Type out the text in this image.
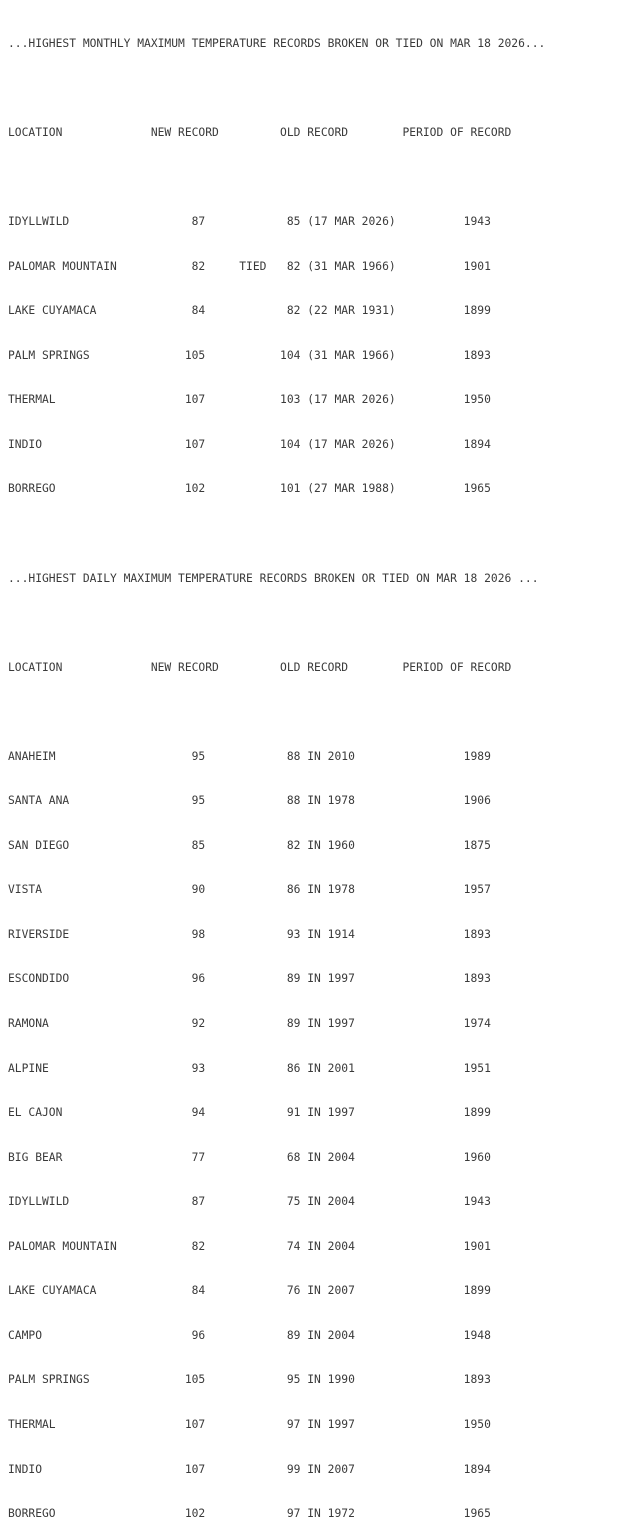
...HIGHEST MONTHLY MAXIMUM TEMPERATURE RECORDS BROKEN OR TIED ON MAR 18 2026...

LOCATION             NEW RECORD         OLD RECORD        PERIOD OF RECORD

IDYLLWILD                  87            85 (17 MAR 2026)          1943

PALOMAR MOUNTAIN           82     TIED   82 (31 MAR 1966)          1901

LAKE CUYAMACA              84            82 (22 MAR 1931)          1899

PALM SPRINGS              105           104 (31 MAR 1966)          1893

THERMAL                   107           103 (17 MAR 2026)          1950

INDIO                     107           104 (17 MAR 2026)          1894

BORREGO                   102           101 (27 MAR 1988)          1965

...HIGHEST DAILY MAXIMUM TEMPERATURE RECORDS BROKEN OR TIED ON MAR 18 2026 ...

LOCATION             NEW RECORD         OLD RECORD        PERIOD OF RECORD

ANAHEIM                    95            88 IN 2010                1989

SANTA ANA                  95            88 IN 1978                1906

SAN DIEGO                  85            82 IN 1960                1875

VISTA                      90            86 IN 1978                1957

RIVERSIDE                  98            93 IN 1914                1893

ESCONDIDO                  96            89 IN 1997                1893

RAMONA                     92            89 IN 1997                1974

ALPINE                     93            86 IN 2001                1951

EL CAJON                   94            91 IN 1997                1899

BIG BEAR                   77            68 IN 2004                1960

IDYLLWILD                  87            75 IN 2004                1943

PALOMAR MOUNTAIN           82            74 IN 2004                1901

LAKE CUYAMACA              84            76 IN 2007                1899

CAMPO                      96            89 IN 2004                1948

PALM SPRINGS              105            95 IN 1990                1893

THERMAL                   107            97 IN 1997                1950

INDIO                     107            99 IN 2007                1894

BORREGO                   102            97 IN 1972                1965
